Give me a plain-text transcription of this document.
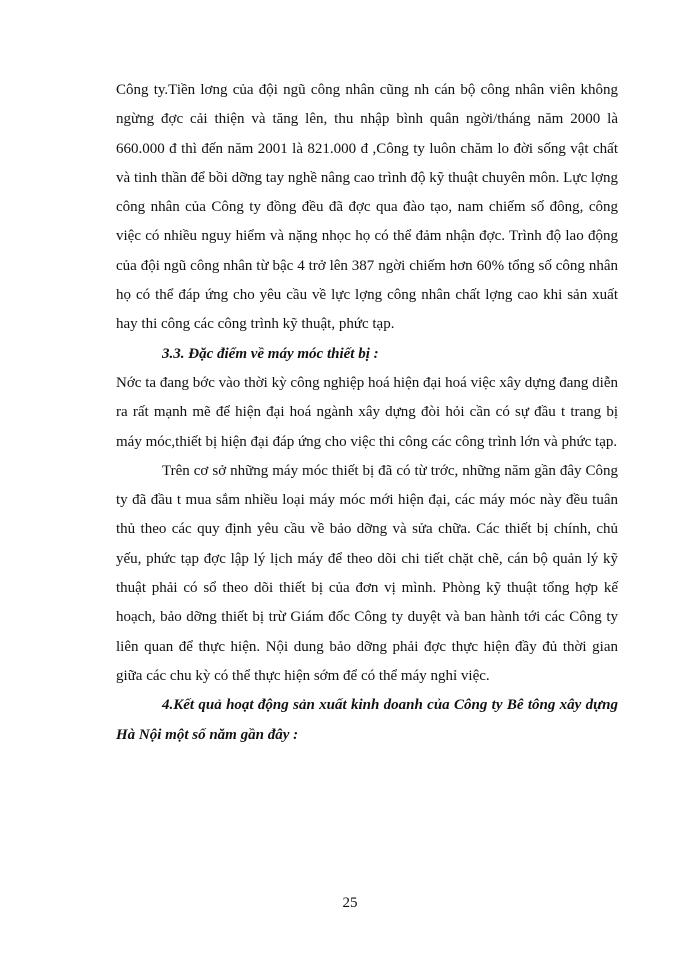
Công ty.Tiền lơng của đội ngũ công nhân cũng nh cán bộ công nhân viên không ngừng đợc cải thiện và tăng lên, thu nhập bình quân ngời/tháng năm 2000 là 660.000 đ thì đến năm 2001 là 821.000 đ ,Công ty luôn chăm lo đời sống vật chất và tinh thần để bồi dỡng tay nghề nâng cao trình độ kỹ thuật chuyên môn. Lực lợng công nhân của Công ty đồng đều đã đợc qua đào tạo, nam chiếm số đông, công việc có nhiều nguy hiểm và nặng nhọc họ có thể đảm nhận đợc. Trình độ lao động của đội ngũ công nhân từ bậc 4 trở lên 387 ngời chiếm hơn 60% tổng số công nhân họ có thể đáp ứng cho yêu cầu về lực lợng công nhân chất lợng cao khi sản xuất hay thi công các công trình kỹ thuật, phức tạp.

3.3. Đặc điểm về máy móc thiết bị :

Nớc ta đang bớc vào thời kỳ công nghiệp hoá hiện đại hoá việc xây dựng đang diễn ra rất mạnh mẽ để hiện đại hoá ngành xây dựng đòi hỏi cần có sự đầu t trang bị máy móc,thiết bị hiện đại đáp ứng cho việc thi công các công trình lớn và phức tạp.

Trên cơ sở những máy móc thiết bị đã có từ trớc, những năm gần đây Công ty đã đầu t mua sắm nhiều loại máy móc mới hiện đại, các máy móc này đều tuân thủ theo các quy định yêu cầu về bảo dỡng và sửa chữa. Các thiết bị chính, chủ yếu, phức tạp đợc lập lý lịch máy để theo dõi chi tiết chặt chẽ, cán bộ quản lý kỹ thuật phải có sổ theo dõi thiết bị của đơn vị mình. Phòng kỹ thuật tổng hợp kế hoạch, bảo dỡng thiết bị trừ Giám đốc Công ty duyệt và ban hành tới các Công ty liên quan để thực hiện. Nội dung bảo dỡng phải đợc thực hiện đầy đủ thời gian giữa các chu kỳ có thể thực hiện sớm để có thể máy nghỉ việc.

4.Kết quả hoạt động sản xuất kinh doanh của Công ty Bê tông xây dựng Hà Nội một số năm gần đây :

25
